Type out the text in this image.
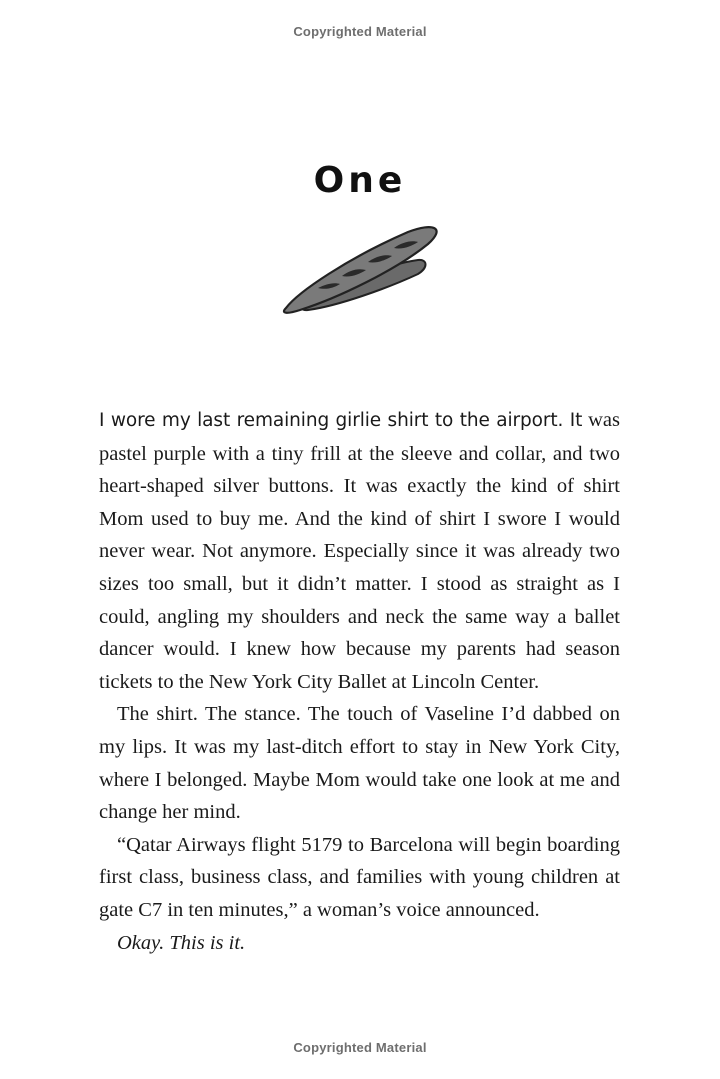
Copyrighted Material
One

I wore my last remaining girlie shirt to the airport. It was pastel purple with a tiny frill at the sleeve and collar, and two heart-shaped silver buttons. It was exactly the kind of shirt Mom used to buy me. And the kind of shirt I swore I would never wear. Not anymore. Especially since it was already two sizes too small, but it didn’t matter. I stood as straight as I could, angling my shoulders and neck the same way a ballet dancer would. I knew how because my parents had season tickets to the New York City Ballet at Lincoln Center.

The shirt. The stance. The touch of Vaseline I’d dabbed on my lips. It was my last-ditch effort to stay in New York City, where I belonged. Maybe Mom would take one look at me and change her mind.

“Qatar Airways flight 5179 to Barcelona will begin boarding first class, business class, and families with young children at gate C7 in ten minutes,” a woman’s voice announced.

Okay. This is it.

Copyrighted Material
